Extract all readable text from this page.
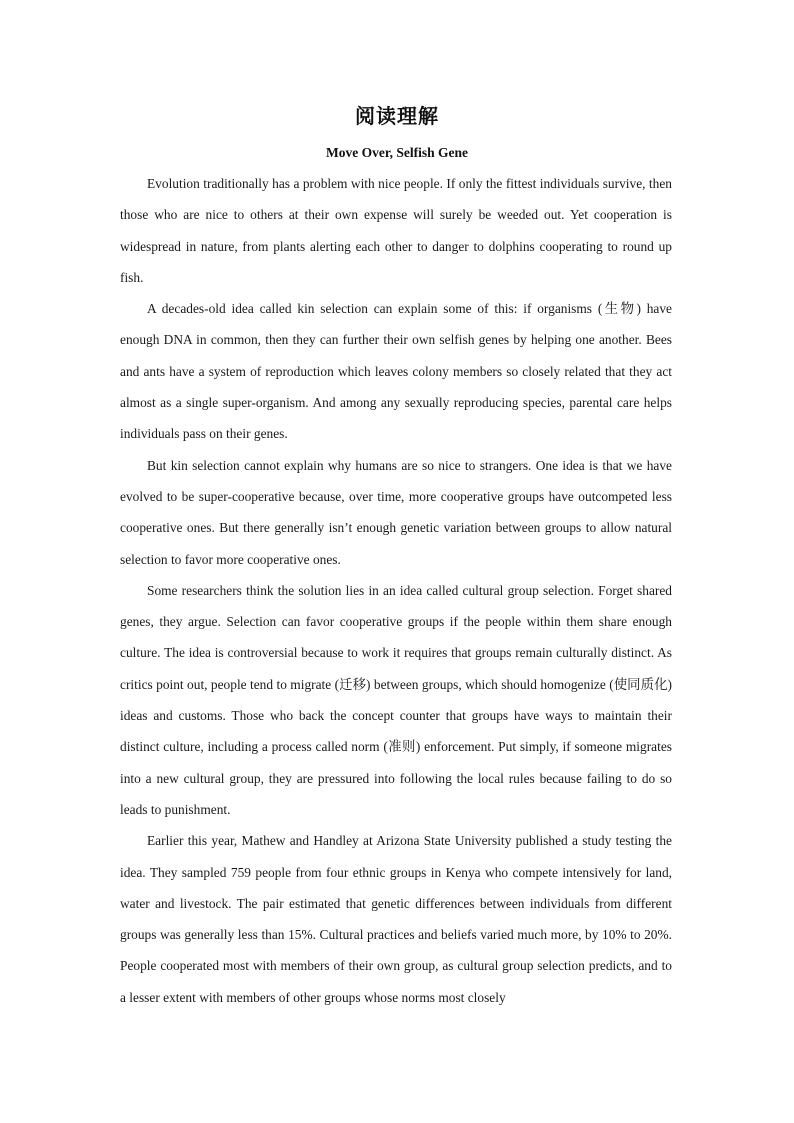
阅读理解
Move Over, Selfish Gene

Evolution traditionally has a problem with nice people. If only the fittest individuals survive, then those who are nice to others at their own expense will surely be weeded out. Yet cooperation is widespread in nature, from plants alerting each other to danger to dolphins cooperating to round up fish.

A decades-old idea called kin selection can explain some of this: if organisms (生物) have enough DNA in common, then they can further their own selfish genes by helping one another. Bees and ants have a system of reproduction which leaves colony members so closely related that they act almost as a single super-organism. And among any sexually reproducing species, parental care helps individuals pass on their genes.

But kin selection cannot explain why humans are so nice to strangers. One idea is that we have evolved to be super-cooperative because, over time, more cooperative groups have outcompeted less cooperative ones. But there generally isn’t enough genetic variation between groups to allow natural selection to favor more cooperative ones.

Some researchers think the solution lies in an idea called cultural group selection. Forget shared genes, they argue. Selection can favor cooperative groups if the people within them share enough culture. The idea is controversial because to work it requires that groups remain culturally distinct. As critics point out, people tend to migrate (迁移) between groups, which should homogenize (使同质化) ideas and customs. Those who back the concept counter that groups have ways to maintain their distinct culture, including a process called norm (准则) enforcement. Put simply, if someone migrates into a new cultural group, they are pressured into following the local rules because failing to do so leads to punishment.

Earlier this year, Mathew and Handley at Arizona State University published a study testing the idea. They sampled 759 people from four ethnic groups in Kenya who compete intensively for land, water and livestock. The pair estimated that genetic differences between individuals from different groups was generally less than 15%. Cultural practices and beliefs varied much more, by 10% to 20%. People cooperated most with members of their own group, as cultural group selection predicts, and to a lesser extent with members of other groups whose norms most closely
